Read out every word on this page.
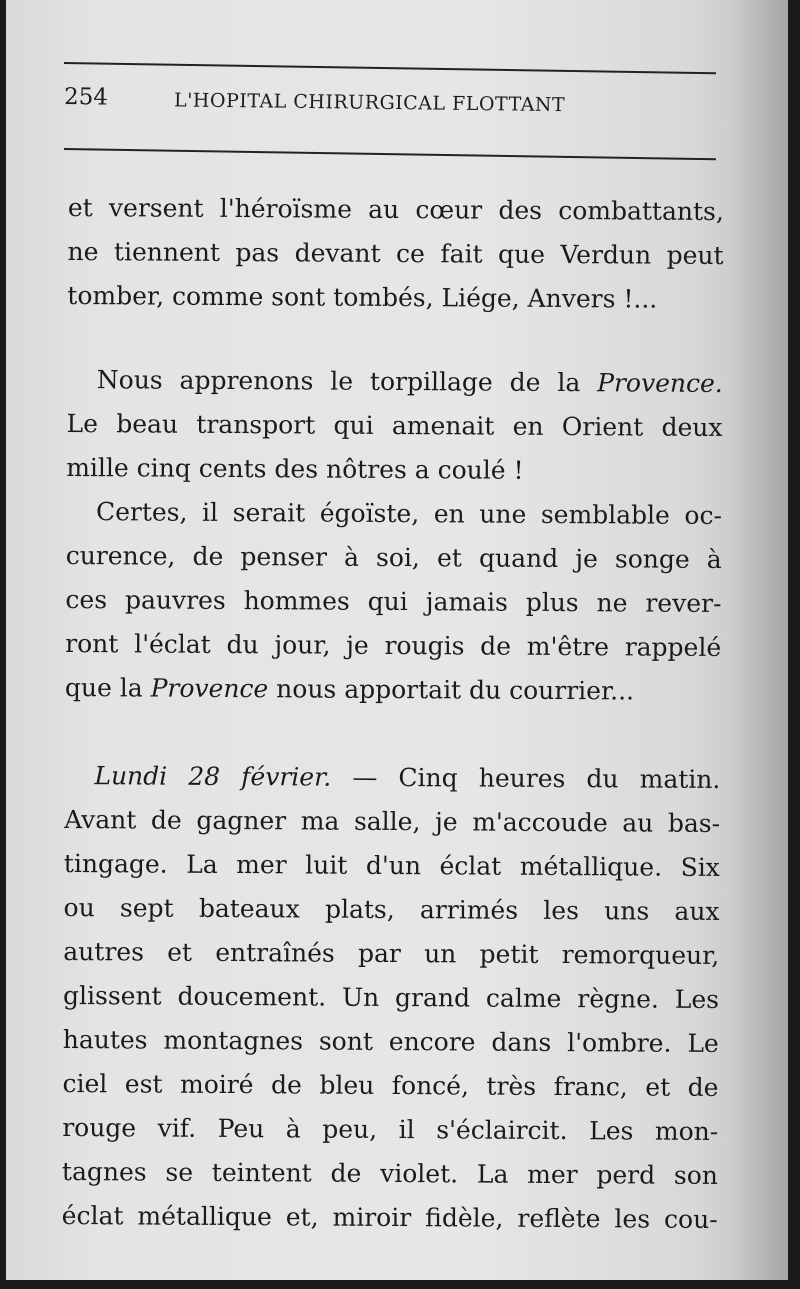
254	L'HOPITAL CHIRURGICAL FLOTTANT
et versent l'héroïsme au cœur des combattants,
ne tiennent pas devant ce fait que Verdun peut
tomber, comme sont tombés, Liége, Anvers !...
Nous apprenons le torpillage de la Provence.
Le beau transport qui amenait en Orient deux
mille cinq cents des nôtres a coulé !
Certes, il serait égoïste, en une semblable oc-
curence, de penser à soi, et quand je songe à
ces pauvres hommes qui jamais plus ne rever-
ront l'éclat du jour, je rougis de m'être rappelé
que la Provence nous apportait du courrier...
Lundi 28 février. — Cinq heures du matin.
Avant de gagner ma salle, je m'accoude au bas-
tingage. La mer luit d'un éclat métallique. Six
ou sept bateaux plats, arrimés les uns aux
autres et entraînés par un petit remorqueur,
glissent doucement. Un grand calme règne. Les
hautes montagnes sont encore dans l'ombre. Le
ciel est moiré de bleu foncé, très franc, et de
rouge vif. Peu à peu, il s'éclaircit. Les mon-
tagnes se teintent de violet. La mer perd son
éclat métallique et, miroir fidèle, reflète les cou-
